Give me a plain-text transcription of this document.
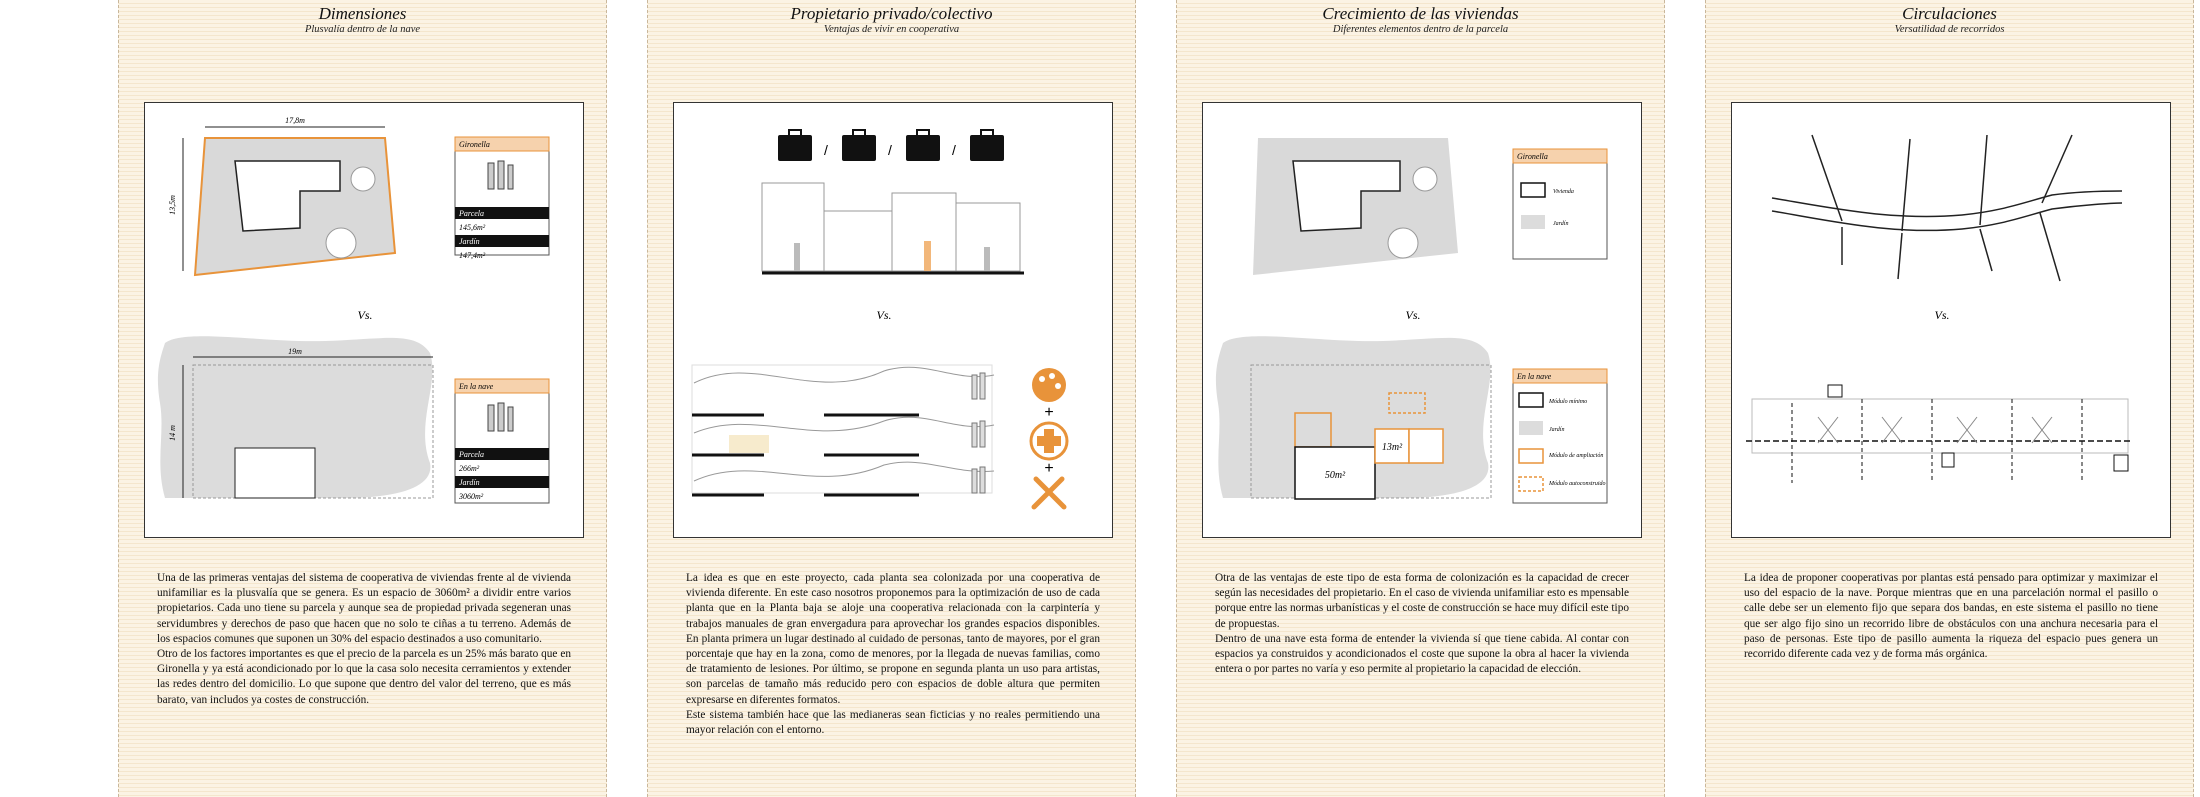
Dimensiones
Plusvalía dentro de la nave
17,8m
13,5m
Gironella
Parcela
145,6m²
Jardín
147,4m²
Vs.
19m
14 m
En la nave
Parcela
266m²
Jardín
3060m²

Una de las primeras ventajas del sistema de cooperativa de viviendas frente al de vivienda unifamiliar es la plusvalía que se genera. Es un espacio de 3060m² a dividir entre varios propietarios. Cada uno tiene su parcela y aunque sea de propiedad privada segeneran unas servidumbres y derechos de paso que hacen que no solo te ciñas a tu terreno. Además de los espacios comunes que suponen un 30% del espacio destinados a uso comunitario.

Otro de los factores importantes es que el precio de la parcela es un 25% más barato que en Gironella y ya está acondicionado por lo que la casa solo necesita cerramientos y extender las redes dentro del domicilio. Lo que supone que dentro del valor del terreno, que es más barato, van includos ya costes de construcción.

Propietario privado/colectivo
Ventajas de vivir en cooperativa
/	/	/
Vs.
+
+

La idea es que en este proyecto, cada planta sea colonizada por una cooperativa de vivienda diferente. En este caso nosotros proponemos para la optimización de uso de cada planta que en la Planta baja se aloje una cooperativa relacionada con la carpintería y trabajos manuales de gran envergadura para aprovechar los grandes espacios disponibles. En planta primera un lugar destinado al cuidado de personas, tanto de mayores, por el gran porcentaje que hay en la zona, como de menores, por la llegada de nuevas familias, como de tratamiento de lesiones. Por último, se propone en segunda planta un uso para artistas, son parcelas de tamaño más reducido pero con espacios de doble altura que permiten expresarse en diferentes formatos.

Este sistema también hace que las medianeras sean ficticias y no reales permitiendo una mayor relación con el entorno.

Crecimiento de las viviendas
Diferentes elementos dentro de la parcela
Gironella
Vivienda
Jardín
Vs.
50m²
13m²
En la nave
Módulo mínimo
Jardín
Módulo de ampliación
Módulo autoconstruido

Otra de las ventajas de este tipo de esta forma de colonización es la capacidad de crecer según las necesidades del propietario. En el caso de vivienda unifamiliar esto es mpensable porque entre las normas urbanísticas y el coste de construcción se hace muy difícil este tipo de propuestas.

Dentro de una nave esta forma de entender la vivienda sí que tiene cabida. Al contar con espacios ya construidos y acondicionados el coste que supone la obra al hacer la vivienda entera o por partes no varía y eso permite al propietario la capacidad de elección.

Circulaciones
Versatilidad de recorridos
Vs.

La idea de proponer cooperativas por plantas está pensado para optimizar y maximizar el uso del espacio de la nave. Porque mientras que en una parcelación normal el pasillo o calle debe ser un elemento fijo que separa dos bandas, en este sistema el pasillo no tiene que ser algo fijo sino un recorrido libre de obstáculos con una anchura necesaria para el paso de personas. Este tipo de pasillo aumenta la riqueza del espacio pues genera un recorrido diferente cada vez y de forma más orgánica.
